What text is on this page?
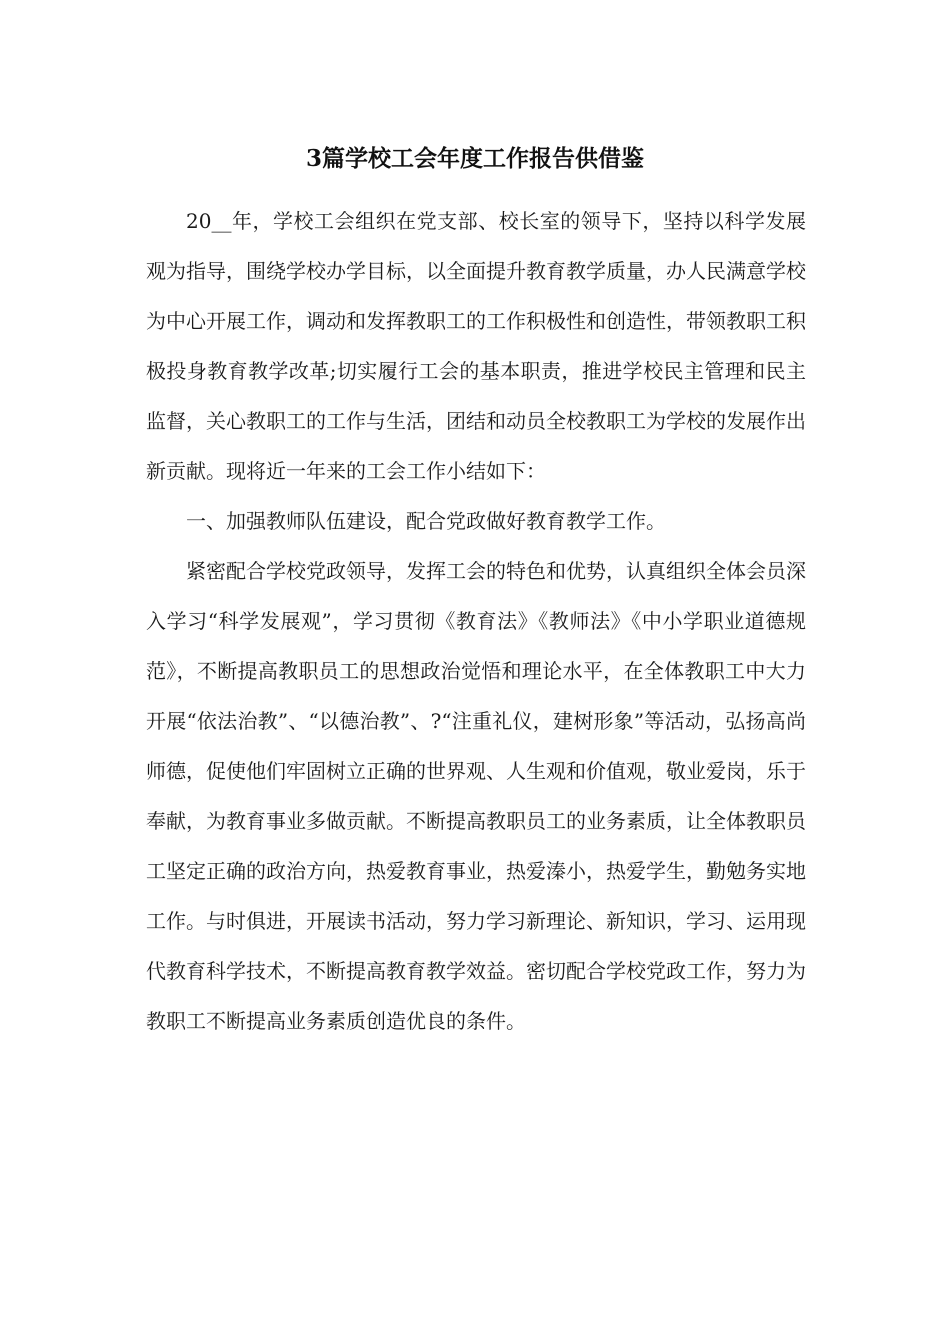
3篇学校工会年度工作报告供借鉴

20__年，学校工会组织在党支部、校长室的领导下，坚持以科学发展观为指导，围绕学校办学目标，以全面提升教育教学质量，办人民满意学校为中心开展工作，调动和发挥教职工的工作积极性和创造性，带领教职工积极投身教育教学改革;切实履行工会的基本职责，推进学校民主管理和民主监督，关心教职工的工作与生活，团结和动员全校教职工为学校的发展作出新贡献。现将近一年来的工会工作小结如下：

一、加强教师队伍建设，配合党政做好教育教学工作。

紧密配合学校党政领导，发挥工会的特色和优势，认真组织全体会员深入学习“科学发展观”，学习贯彻《教育法》《教师法》《中小学职业道德规范》，不断提高教职员工的思想政治觉悟和理论水平，在全体教职工中大力开展“依法治教”、“以德治教”、?“注重礼仪，建树形象”等活动，弘扬高尚师德，促使他们牢固树立正确的世界观、人生观和价值观，敬业爱岗，乐于奉献，为教育事业多做贡献。不断提高教职员工的业务素质，让全体教职员工坚定正确的政治方向，热爱教育事业，热爱溱小，热爱学生，勤勉务实地工作。与时俱进，开展读书活动，努力学习新理论、新知识，学习、运用现代教育科学技术，不断提高教育教学效益。密切配合学校党政工作，努力为教职工不断提高业务素质创造优良的条件。
